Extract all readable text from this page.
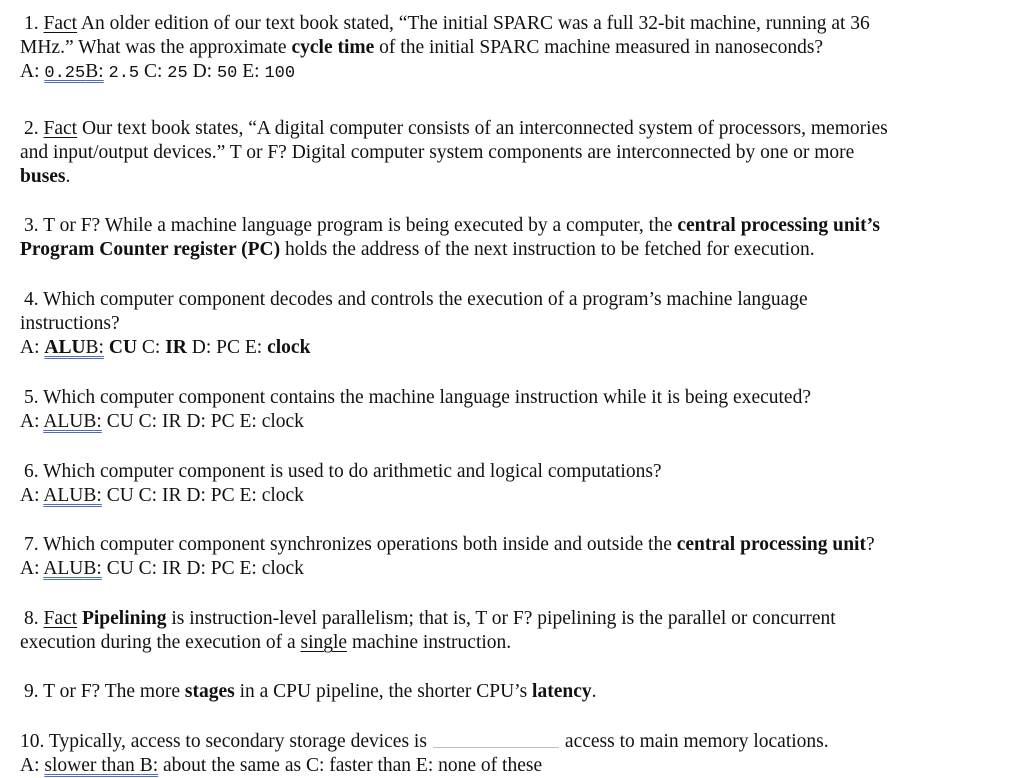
1. Fact An older edition of our text book stated, “The initial SPARC was a full 32-bit machine, running at 36
MHz.” What was the approximate cycle time of the initial SPARC machine measured in nanoseconds?
A: 0.25B: 2.5 C: 25 D: 50 E: 100
2. Fact Our text book states, “A digital computer consists of an interconnected system of processors, memories
and input/output devices.” T or F? Digital computer system components are interconnected by one or more
buses.
3. T or F? While a machine language program is being executed by a computer, the central processing unit’s
Program Counter register (PC) holds the address of the next instruction to be fetched for execution.
4. Which computer component decodes and controls the execution of a program’s machine language
instructions?
A: ALUB: CU C: IR D: PC E: clock
5. Which computer component contains the machine language instruction while it is being executed?
A: ALUB: CU C: IR D: PC E: clock
6. Which computer component is used to do arithmetic and logical computations?
A: ALUB: CU C: IR D: PC E: clock
7. Which computer component synchronizes operations both inside and outside the central processing unit?
A: ALUB: CU C: IR D: PC E: clock
8. Fact Pipelining is instruction-level parallelism; that is, T or F? pipelining is the parallel or concurrent
execution during the execution of a single machine instruction.
9. T or F? The more stages in a CPU pipeline, the shorter CPU’s latency.
10. Typically, access to secondary storage devices is	access to main memory locations.
A: slower than B: about the same as C: faster than E: none of these
